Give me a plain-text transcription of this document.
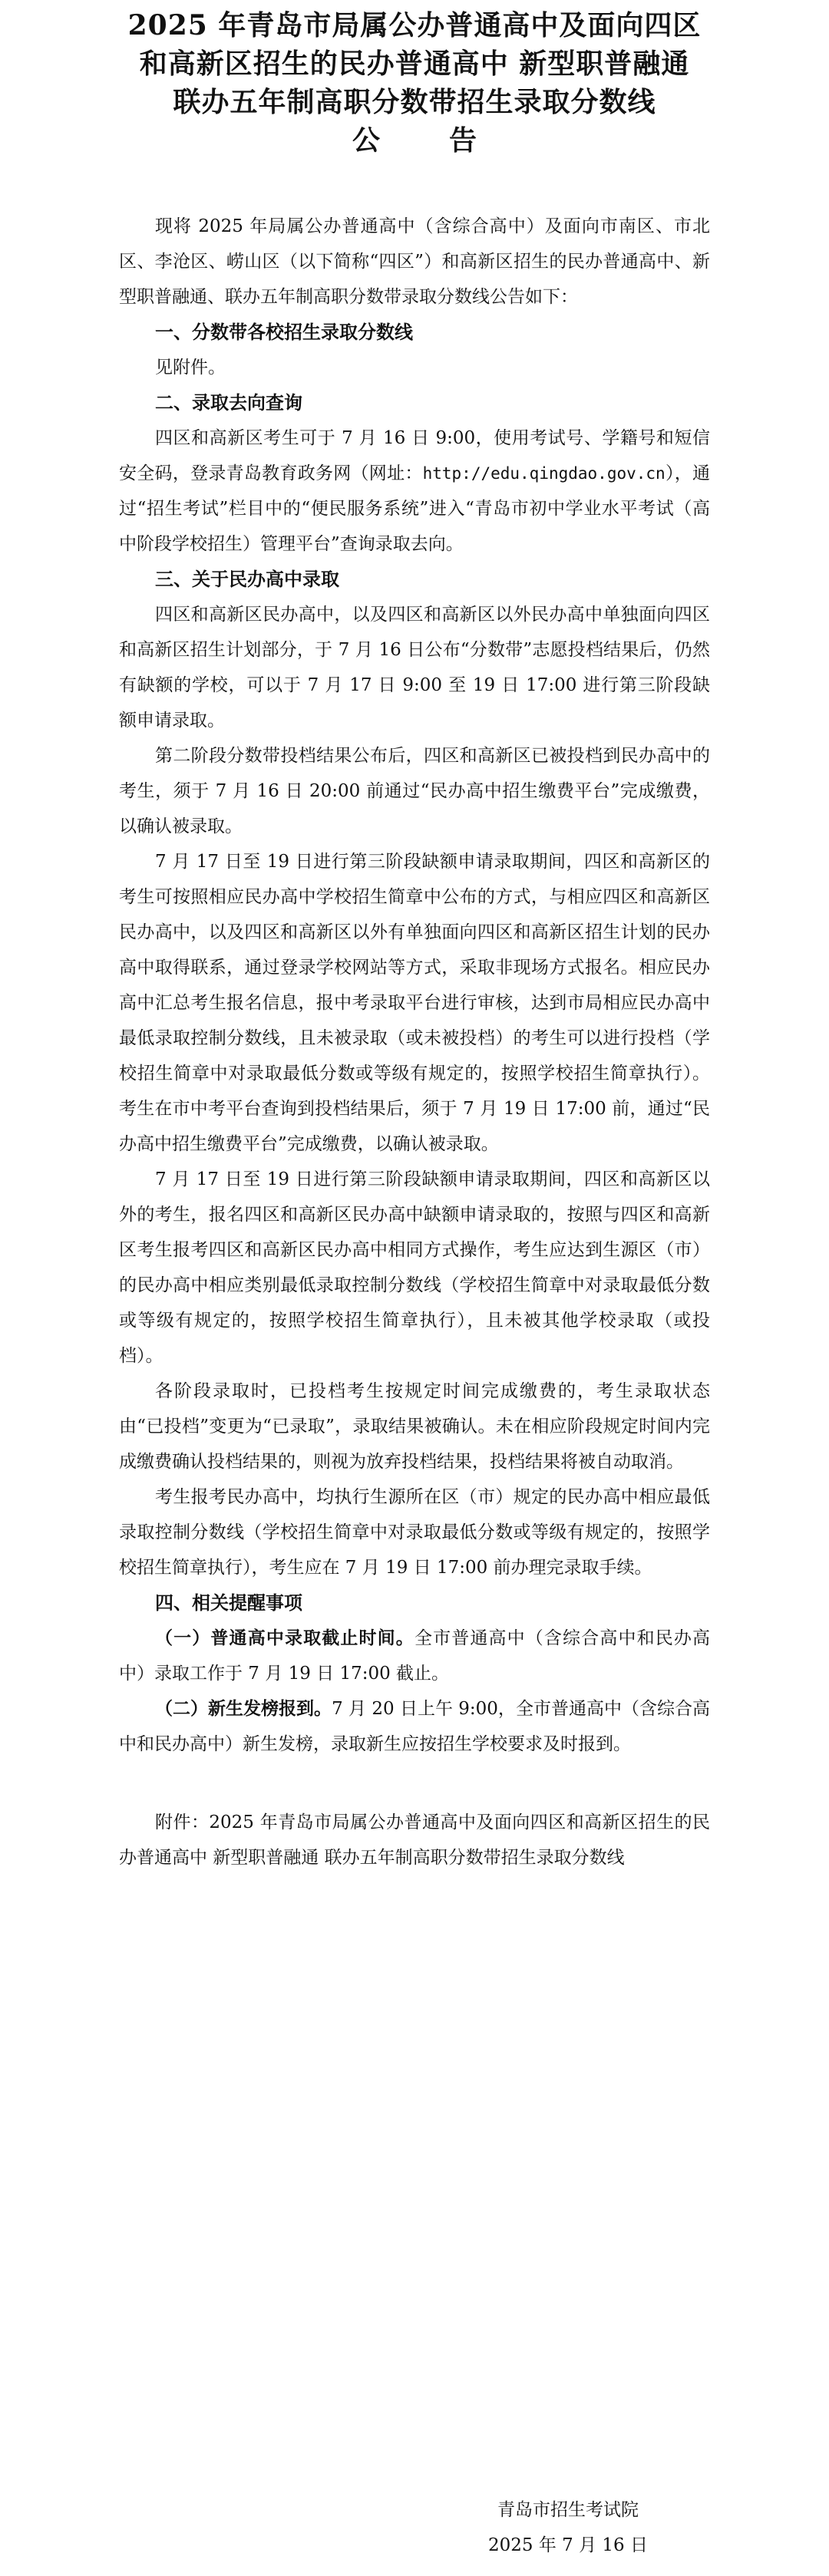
2025 年青岛市局属公办普通高中及面向四区
和高新区招生的民办普通高中 新型职普融通
联办五年制高职分数带招生录取分数线
公告

现将 2025 年局属公办普通高中（含综合高中）及面向市南区、市北区、李沧区、崂山区（以下简称“四区”）和高新区招生的民办普通高中、新型职普融通、联办五年制高职分数带录取分数线公告如下：

一、分数带各校招生录取分数线

见附件。

二、录取去向查询

四区和高新区考生可于 7 月 16 日 9:00，使用考试号、学籍号和短信安全码，登录青岛教育政务网（网址：http://edu.qingdao.gov.cn），通过“招生考试”栏目中的“便民服务系统”进入“青岛市初中学业水平考试（高中阶段学校招生）管理平台”查询录取去向。

三、关于民办高中录取

四区和高新区民办高中，以及四区和高新区以外民办高中单独面向四区和高新区招生计划部分，于 7 月 16 日公布“分数带”志愿投档结果后，仍然有缺额的学校，可以于 7 月 17 日 9:00 至 19 日 17:00 进行第三阶段缺额申请录取。

第二阶段分数带投档结果公布后，四区和高新区已被投档到民办高中的考生，须于 7 月 16 日 20:00 前通过“民办高中招生缴费平台”完成缴费，以确认被录取。

7 月 17 日至 19 日进行第三阶段缺额申请录取期间，四区和高新区的考生可按照相应民办高中学校招生简章中公布的方式，与相应四区和高新区民办高中，以及四区和高新区以外有单独面向四区和高新区招生计划的民办高中取得联系，通过登录学校网站等方式，采取非现场方式报名。相应民办高中汇总考生报名信息，报中考录取平台进行审核，达到市局相应民办高中最低录取控制分数线，且未被录取（或未被投档）的考生可以进行投档（学校招生简章中对录取最低分数或等级有规定的，按照学校招生简章执行）。考生在市中考平台查询到投档结果后，须于 7 月 19 日 17:00 前，通过“民办高中招生缴费平台”完成缴费，以确认被录取。

7 月 17 日至 19 日进行第三阶段缺额申请录取期间，四区和高新区以外的考生，报名四区和高新区民办高中缺额申请录取的，按照与四区和高新区考生报考四区和高新区民办高中相同方式操作，考生应达到生源区（市）的民办高中相应类别最低录取控制分数线（学校招生简章中对录取最低分数或等级有规定的，按照学校招生简章执行），且未被其他学校录取（或投档）。

各阶段录取时，已投档考生按规定时间完成缴费的，考生录取状态由“已投档”变更为“已录取”，录取结果被确认。未在相应阶段规定时间内完成缴费确认投档结果的，则视为放弃投档结果，投档结果将被自动取消。

考生报考民办高中，均执行生源所在区（市）规定的民办高中相应最低录取控制分数线（学校招生简章中对录取最低分数或等级有规定的，按照学校招生简章执行），考生应在 7 月 19 日 17:00 前办理完录取手续。

四、相关提醒事项

（一）普通高中录取截止时间。全市普通高中（含综合高中和民办高中）录取工作于 7 月 19 日 17:00 截止。

（二）新生发榜报到。7 月 20 日上午 9:00，全市普通高中（含综合高中和民办高中）新生发榜，录取新生应按招生学校要求及时报到。

附件：2025 年青岛市局属公办普通高中及面向四区和高新区招生的民办普通高中 新型职普融通 联办五年制高职分数带招生录取分数线

青岛市招生考试院
2025 年 7 月 16 日
